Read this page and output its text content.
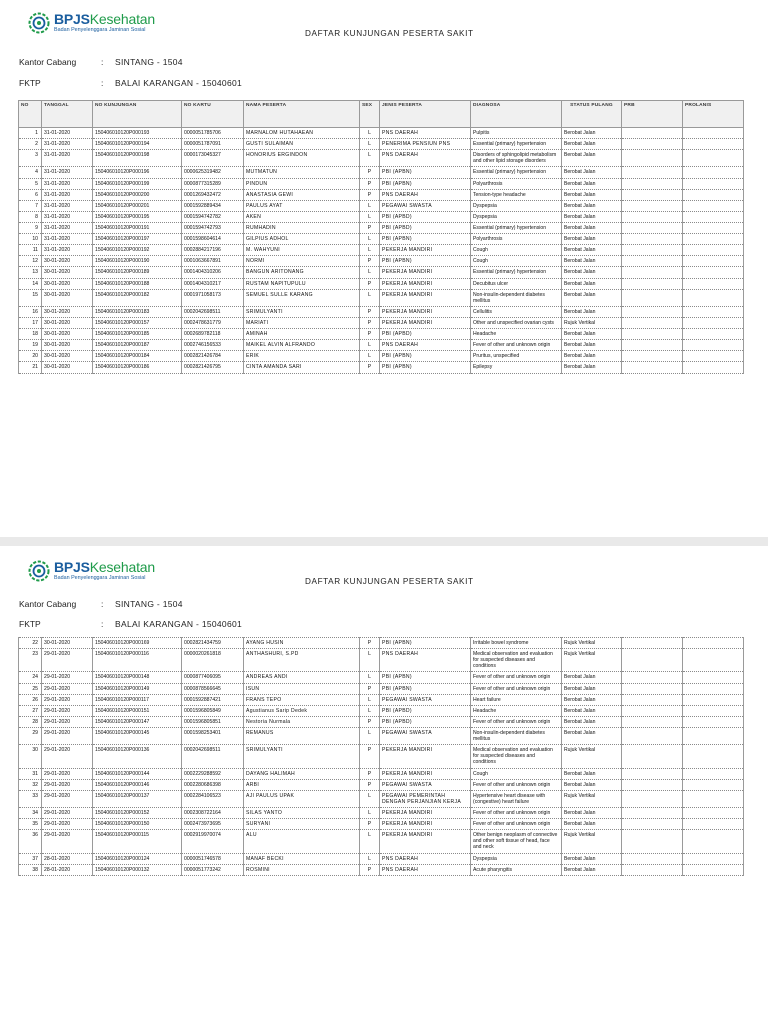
BPJSKesehatan
Badan Penyelenggara Jaminan Sosial	DAFTAR KUNJUNGAN PESERTA SAKIT
Kantor Cabang	:	SINTANG - 1504
FKTP	:	BALAI KARANGAN - 15040601
NO	TANGGAL	NO KUNJUNGAN	NO KARTU	NAMA PESERTA	SEX	JENIS PESERTA	DIAGNOSA	STATUS PULANG	PRB	PROLANIS
1	31-01-2020	150406010120P000193	0000051785706	MARNALOM HUTAHAEAN	L	PNS DAERAH	Pulpitis	Berobat Jalan		
2	31-01-2020	150406010120P000194	0000051787091	GUSTI SULAIMAN	L	PENERIMA PENSIUN PNS	Essential (primary) hypertension	Berobat Jalan		
3	31-01-2020	150406010120P000198	0000173045327	HONORIUS ERGINDON	L	PNS DAERAH	Disorders of sphingolipid metabolism and other lipid storage disorders	Berobat Jalan		
4	31-01-2020	150406010120P000196	0000625319482	MUTMATUN	P	PBI (APBN)	Essential (primary) hypertension	Berobat Jalan		
5	31-01-2020	150406010120P000199	0000877315289	PINDUN	P	PBI (APBN)	Polyarthrosis	Berobat Jalan		
6	31-01-2020	150406010120P000200	0001269432472	ANASTASIA GEWI	P	PNS DAERAH	Tension-type headache	Berobat Jalan		
7	31-01-2020	150406010120P000201	0001592889434	PAULUS AYAT	L	PEGAWAI SWASTA	Dyspepsia	Berobat Jalan		
8	31-01-2020	150406010120P000195	0001594742782	AKEN	L	PBI (APBD)	Dyspepsia	Berobat Jalan		
9	31-01-2020	150406010120P000191	0001594742793	RUMHADIN	P	PBI (APBD)	Essential (primary) hypertension	Berobat Jalan		
10	31-01-2020	150406010120P000197	0001598604614	GILPIUS ADHOL	L	PBI (APBN)	Polyarthrosis	Berobat Jalan		
11	31-01-2020	150406010120P000192	0002884217196	M. WAHYUNI	L	PEKERJA MANDIRI	Cough	Berobat Jalan		
12	30-01-2020	150406010120P000190	0001063667891	NORMI	P	PBI (APBN)	Cough	Berobat Jalan		
13	30-01-2020	150406010120P000189	0001404310206	BANGUN ARITONANG	L	PEKERJA MANDIRI	Essential (primary) hypertension	Berobat Jalan		
14	30-01-2020	150406010120P000188	0001404310217	RUSTAM NAPITUPULU	P	PEKERJA MANDIRI	Decubitus ulcer	Berobat Jalan		
15	30-01-2020	150406010120P000182	0001971058173	SEMUEL SULLE KARANG	L	PEKERJA MANDIRI	Non-insulin-dependent diabetes mellitus	Berobat Jalan		
16	30-01-2020	150406010120P000183	0002042698511	SRIMULYANTI	P	PEKERJA MANDIRI	Cellulitis	Berobat Jalan		
17	30-01-2020	150406010120P000157	0002478631779	MARIATI	P	PEKERJA MANDIRI	Other and unspecified ovarian cysts	Rujuk Vertikal		
18	30-01-2020	150406010120P000185	0002689782118	AMINAH	P	PBI (APBD)	Headache	Berobat Jalan		
19	30-01-2020	150406010120P000187	0002746156533	MAIKEL ALVIN ALFRANDO	L	PNS DAERAH	Fever of other and unknown origin	Berobat Jalan		
20	30-01-2020	150406010120P000184	0002821426784	ERIK	L	PBI (APBN)	Pruritus, unspecified	Berobat Jalan		
21	30-01-2020	150406010120P000186	0002821426795	CINTA AMANDA SARI	P	PBI (APBN)	Epilepsy	Berobat Jalan		
BPJSKesehatan
Badan Penyelenggara Jaminan Sosial	DAFTAR KUNJUNGAN PESERTA SAKIT
Kantor Cabang	:	SINTANG - 1504
FKTP	:	BALAI KARANGAN - 15040601
22	30-01-2020	150406010120P000169	0002821434759	AYANG HUSIN	P	PBI (APBN)	Irritable bowel syndrome	Rujuk Vertikal		
23	29-01-2020	150406010120P000116	0000020261818	ANTHASHURI, S.PD	L	PNS DAERAH	Medical observation and evaluation for suspected diseases and conditions	Rujuk Vertikal		
24	29-01-2020	150406010120P000148	0000877406095	ANDREAS ANDI	L	PBI (APBN)	Fever of other and unknown origin	Berobat Jalan		
25	29-01-2020	150406010120P000149	0000878566645	ISUN	P	PBI (APBN)	Fever of other and unknown origin	Berobat Jalan		
26	29-01-2020	150406010120P000117	0001592887421	FRANS TEPO	L	PEGAWAI SWASTA	Heart failure	Berobat Jalan		
27	29-01-2020	150406010120P000151	0001596805849	Agustianus Sarip Dedek	L	PBI (APBD)	Headache	Berobat Jalan		
28	29-01-2020	150406010120P000147	0001596805851	Nestoria Nurmala	P	PBI (APBD)	Fever of other and unknown origin	Berobat Jalan		
29	29-01-2020	150406010120P000145	0001598253401	REMANUS	L	PEGAWAI SWASTA	Non-insulin-dependent diabetes mellitus	Berobat Jalan		
30	29-01-2020	150406010120P000136	0002042698511	SRIMULYANTI	P	PEKERJA MANDIRI	Medical observation and evaluation for suspected diseases and conditions	Rujuk Vertikal		
31	29-01-2020	150406010120P000144	0002229288592	DAYANG HALIMAH	P	PEKERJA MANDIRI	Cough	Berobat Jalan		
32	29-01-2020	150406010120P000146	0002280686398	ARBI	P	PEGAWAI SWASTA	Fever of other and unknown origin	Berobat Jalan		
33	29-01-2020	150406010120P000137	0002284106523	AJI PAULUS UPAK	L	PEGAWAI PEMERINTAH DENGAN PERJANJIAN KERJA	Hypertensive heart disease with (congestive) heart failure	Rujuk Vertikal		
34	29-01-2020	150406010120P000152	0002308722164	SILAS YANTO	L	PEKERJA MANDIRI	Fever of other and unknown origin	Berobat Jalan		
35	29-01-2020	150406010120P000150	0002473973695	SURYANI	P	PEKERJA MANDIRI	Fever of other and unknown origin	Berobat Jalan		
36	29-01-2020	150406010120P000115	0002919970074	ALU	L	PEKERJA MANDIRI	Other benign neoplasm of connective and other soft tissue of head, face and neck	Rujuk Vertikal		
37	28-01-2020	150406010120P000124	0000051746578	MANAF BECKI	L	PNS DAERAH	Dyspepsia	Berobat Jalan		
38	28-01-2020	150406010120P000132	0000051773242	ROSMINI	P	PNS DAERAH	Acute pharyngitis	Berobat Jalan		
